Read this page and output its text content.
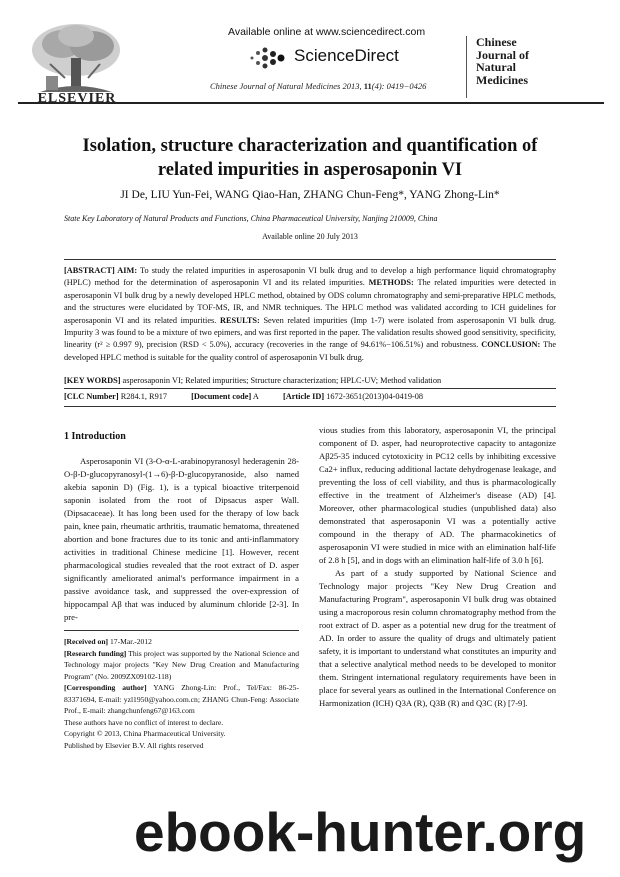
ELSEVIER
Available online at www.sciencedirect.com
ScienceDirect
Chinese Journal of Natural Medicines 2013, 11(4): 0419−0426
Chinese
Journal of
Natural
Medicines
Isolation, structure characterization and quantification of
related impurities in asperosaponin VI
JI De, LIU Yun-Fei, WANG Qiao-Han, ZHANG Chun-Feng*, YANG Zhong-Lin*
State Key Laboratory of Natural Products and Functions, China Pharmaceutical University, Nanjing 210009, China
Available online 20 July 2013
[ABSTRACT] AIM: To study the related impurities in asperosaponin VI bulk drug and to develop a high performance liquid chromatography (HPLC) method for the determination of asperosaponin VI and its related impurities. METHODS: The related impurities were detected in asperosaponin VI bulk drug by a newly developed HPLC method, obtained by ODS column chromatography and semi-preparative HPLC methods, and the structures were elucidated by TOF-MS, IR, and NMR techniques. The HPLC method was validated according to ICH guidelines for asperosaponin VI and its related impurities. RESULTS: Seven related impurities (Imp 1-7) were isolated from asperosaponin VI bulk drug. Impurity 3 was found to be a mixture of two epimers, and was first reported in the paper. The validation results showed good sensitivity, specificity, linearity (r² ≥ 0.997 9), precision (RSD < 5.0%), accuracy (recoveries in the range of 94.61%−106.51%) and robustness. CONCLUSION: The developed HPLC method is suitable for the quality control of asperosaponin VI bulk drug.
[KEY WORDS] asperosaponin VI; Related impurities; Structure characterization; HPLC-UV; Method validation
[CLC Number] R284.1, R917	[Document code] A	[Article ID] 1672-3651(2013)04-0419-08
1 Introduction
Asperosaponin VI (3-O-α-L-arabinopyranosyl hederagenin 28-O-β-D-glucopyranosyl-(1→6)-β-D-glucopyranoside, also named akebia saponin D) (Fig. 1), is a typical bioactive triterpenoid saponin isolated from the root of Dipsacus asper Wall. (Dipsacaceae). It has long been used for the therapy of low back pain, knee pain, rheumatic arthritis, traumatic hematoma, threatened abortion and bone fractures due to its tonic and anti-inflammatory activities in traditional Chinese medicine [1]. However, recent pharmacological studies revealed that the root extract of D. asper significantly ameliorated animal's performance impairment in a passive avoidance task, and suppressed the over-expression of hippocampal Aβ that was induced by aluminum chloride [2-3]. In pre-
vious studies from this laboratory, asperosaponin VI, the principal component of D. asper, had neuroprotective capacity to antagonize Aβ25-35 induced cytotoxicity in PC12 cells by inhibiting excessive Ca2+ influx, reducing additional lactate dehydrogenase leakage, and preventing the loss of cell viability, and thus is pharmacologically effective in the treatment of Alzheimer's disease (AD) [4]. Moreover, other pharmacological studies (unpublished data) also demonstrated that asperosaponin VI was a potentially active compound in the therapy of AD. The pharmacokinetics of asperosaponin VI were studied in mice with an elimination half-life of 2.8 h [5], and in dogs with an elimination half-life of 3.0 h [6].
As part of a study supported by National Science and Technology major projects "Key New Drug Creation and Manufacturing Program", asperosaponin VI bulk drug was obtained using a macroporous resin column chromatography method from the root extract of D. asper as a potential new drug for the treatment of AD. In order to assure the quality of drugs and ultimately patient safety, it is important to understand what constitutes an impurity and that a selective analytical method needs to be developed to monitor them. Stringent international regulatory requirements have been in place for several years as outlined in the International Conference on Harmonization (ICH) Q3A (R), Q3B (R) and Q3C (R) [7-9].
[Received on] 17-Mar.-2012
[Research funding] This project was supported by the National Science and Technology major projects "Key New Drug Creation and Manufacturing Program" (No. 2009ZX09102-118)
[Corresponding author] YANG Zhong-Lin: Prof., Tel/Fax: 86-25-83371694, E-mail: yzl1950@yahoo.com.cn; ZHANG Chun-Feng: Associate Prof., E-mail: zhangchunfeng67@163.com
These authors have no conflict of interest to declare.
Copyright © 2013, China Pharmaceutical University.
Published by Elsevier B.V. All rights reserved
ebook-hunter.org
